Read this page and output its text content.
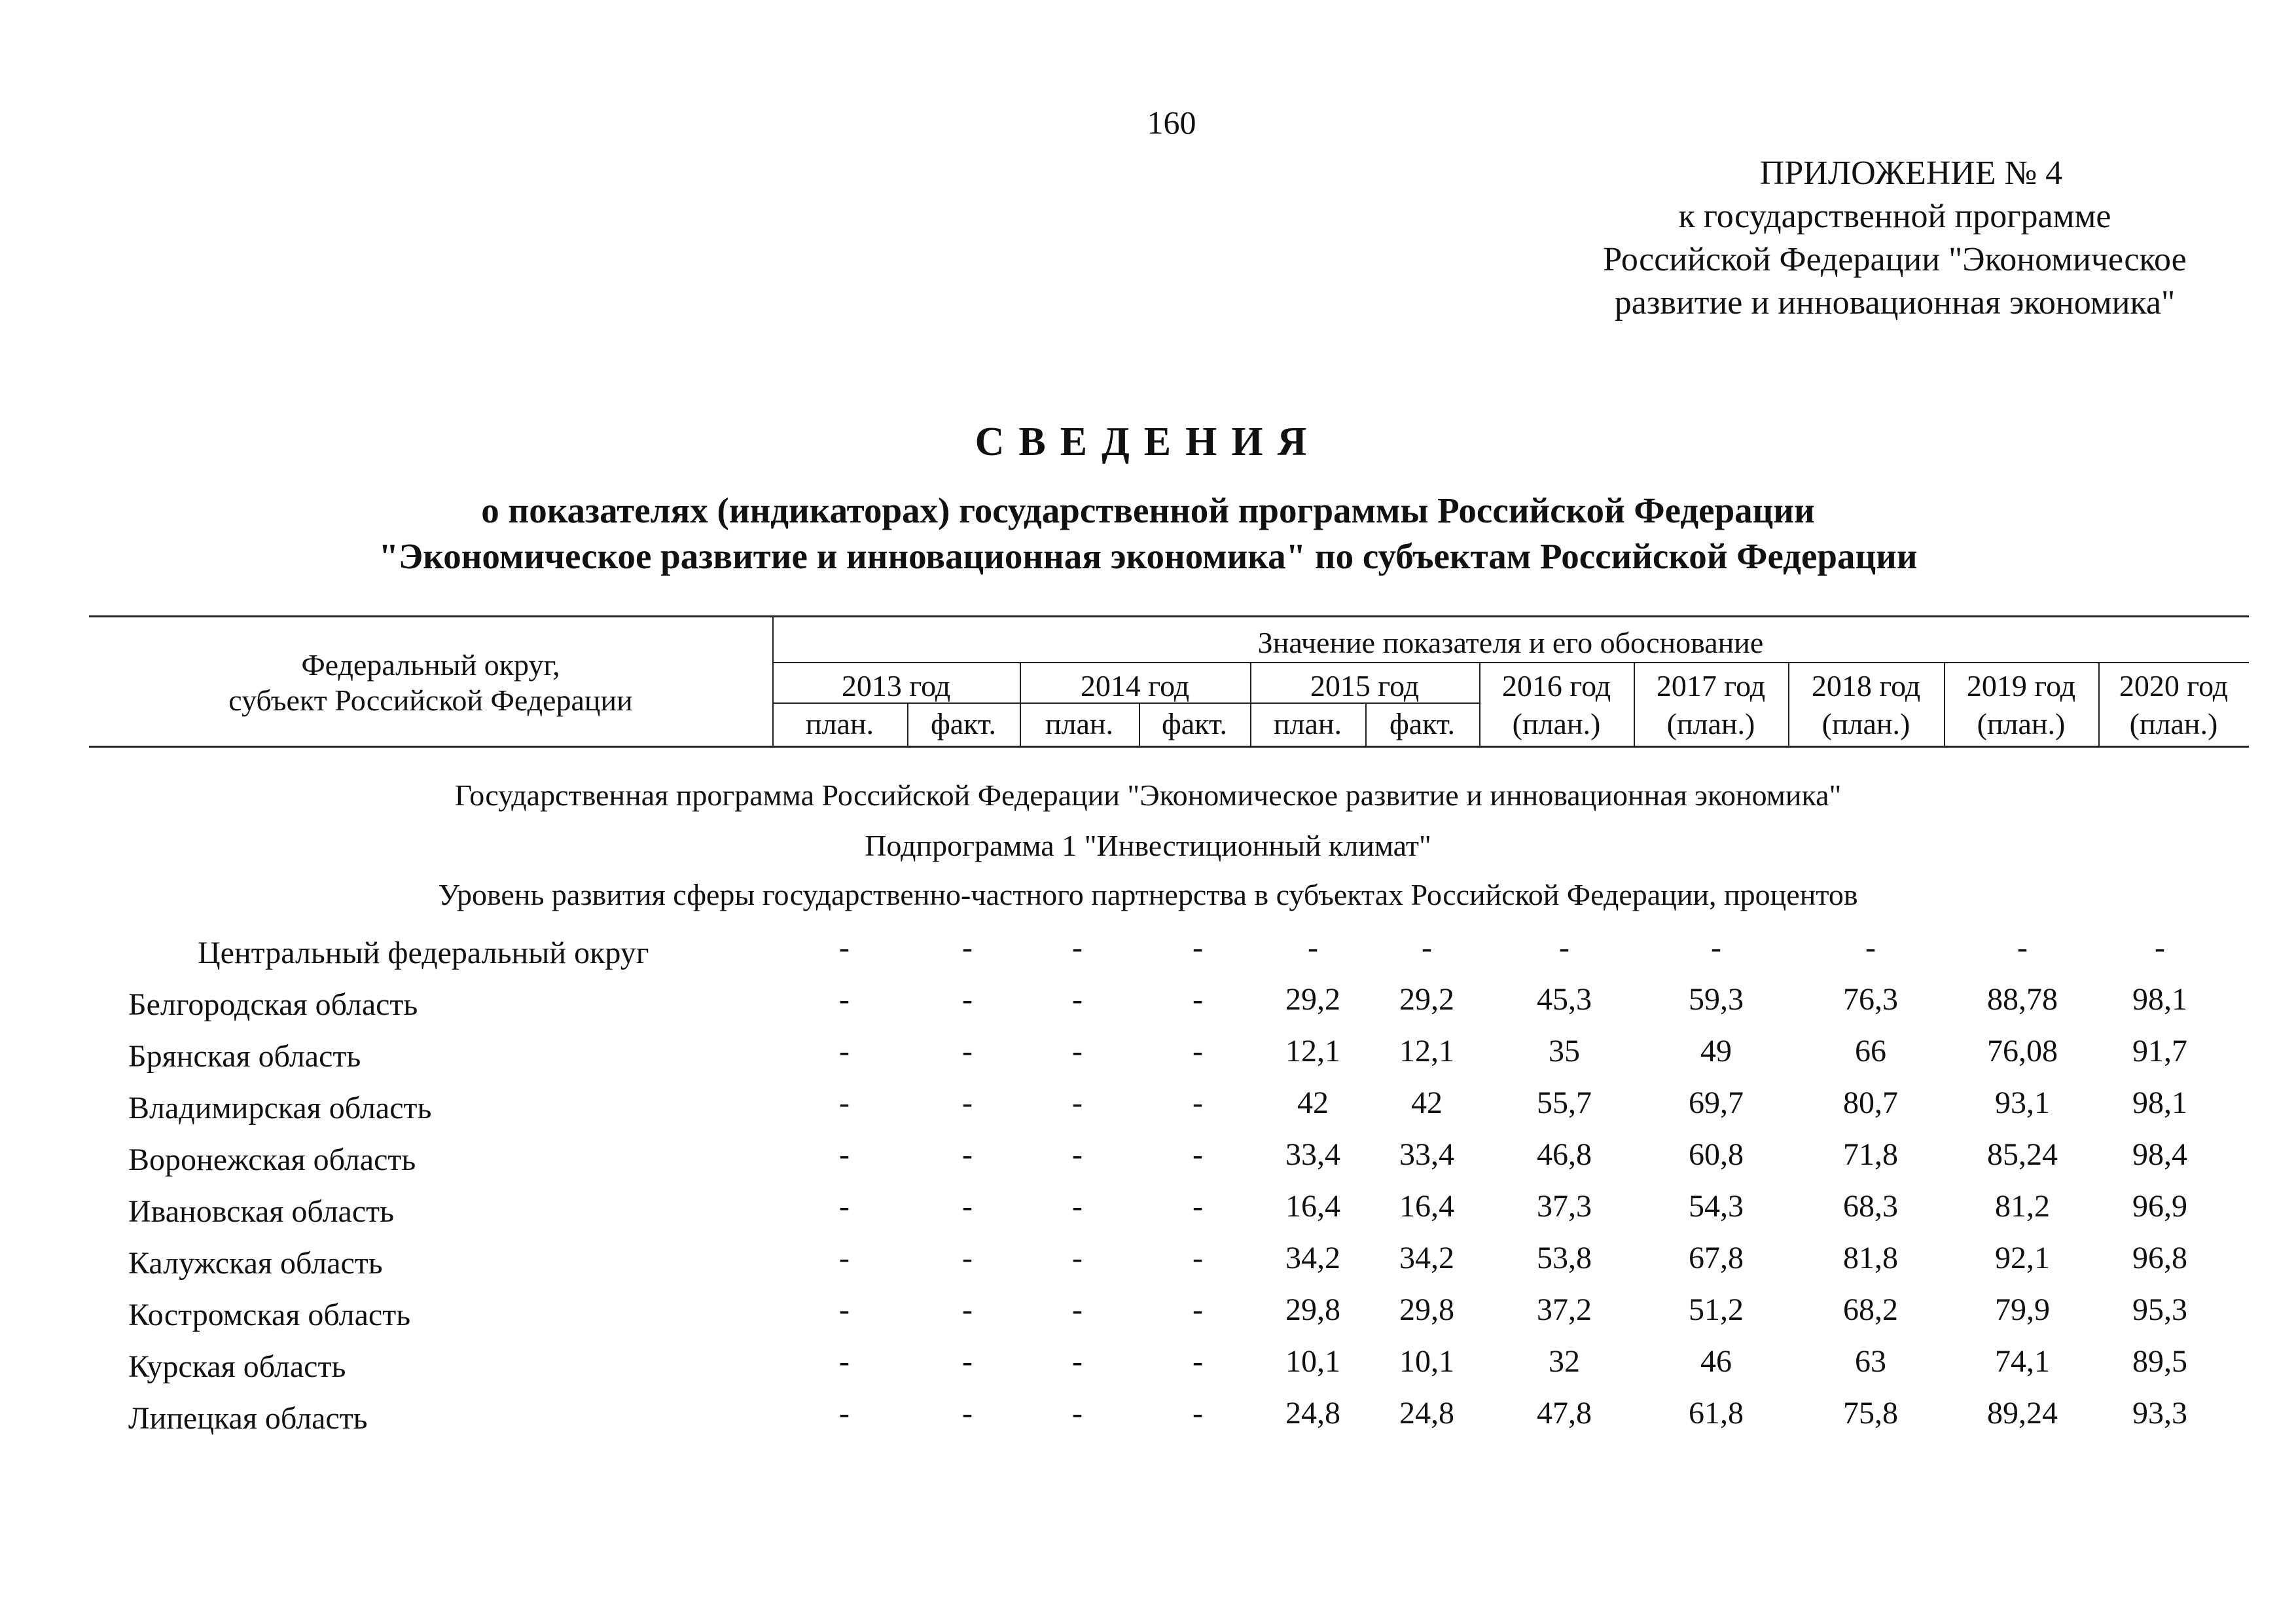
160
ПРИЛОЖЕНИЕ № 4
к государственной программе
Российской Федерации "Экономическое
развитие и инновационная экономика"
СВЕДЕНИЯ
о показателях (индикаторах) государственной программы Российской Федерации
"Экономическое развитие и инновационная экономика" по субъектам Российской Федерации
Федеральный округ,
субъект Российской Федерации
Значение показателя и его обоснование
2013 год	2014 год	2015 год	2016 год	2017 год	2018 год	2019 год	2020 год
план.	факт.	план.	факт.	план.	факт.	(план.)	(план.)	(план.)	(план.)	(план.)
Государственная программа Российской Федерации "Экономическое развитие и инновационная экономика"
Подпрограмма 1 "Инвестиционный климат"
Уровень развития сферы государственно-частного партнерства в субъектах Российской Федерации, процентов
Центральный федеральный округ	-	-	-	-	-	-	-	-	-	-	-
Белгородская область	-	-	-	-	29,2	29,2	45,3	59,3	76,3	88,78	98,1
Брянская область	-	-	-	-	12,1	12,1	35	49	66	76,08	91,7
Владимирская область	-	-	-	-	42	42	55,7	69,7	80,7	93,1	98,1
Воронежская область	-	-	-	-	33,4	33,4	46,8	60,8	71,8	85,24	98,4
Ивановская область	-	-	-	-	16,4	16,4	37,3	54,3	68,3	81,2	96,9
Калужская область	-	-	-	-	34,2	34,2	53,8	67,8	81,8	92,1	96,8
Костромская область	-	-	-	-	29,8	29,8	37,2	51,2	68,2	79,9	95,3
Курская область	-	-	-	-	10,1	10,1	32	46	63	74,1	89,5
Липецкая область	-	-	-	-	24,8	24,8	47,8	61,8	75,8	89,24	93,3
